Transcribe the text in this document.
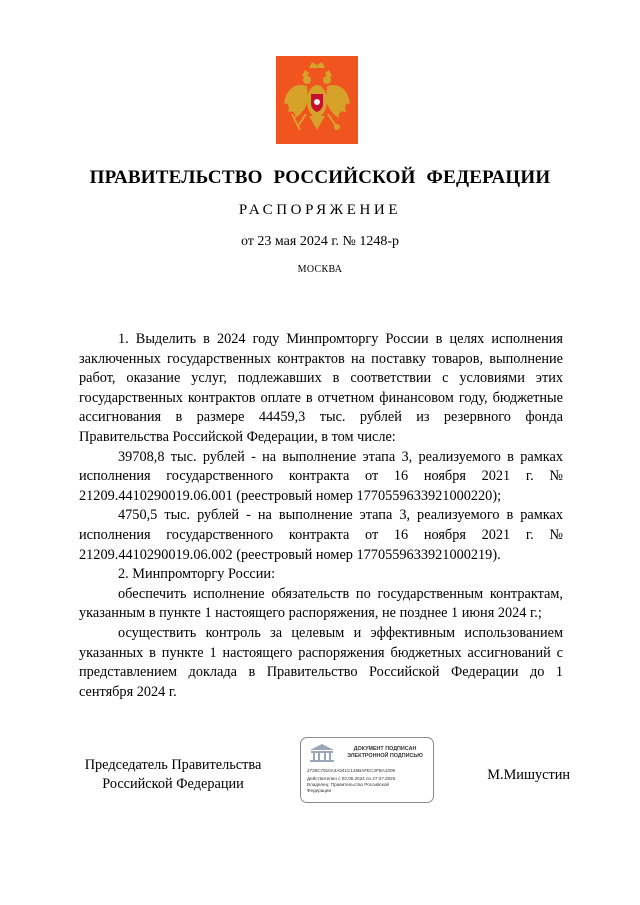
ПРАВИТЕЛЬСТВО РОССИЙСКОЙ ФЕДЕРАЦИИ
РАСПОРЯЖЕНИЕ
от 23 мая 2024 г. № 1248-р
МОСКВА

1. Выделить в 2024 году Минпромторгу России в целях исполнения заключенных государственных контрактов на поставку товаров, выполнение работ, оказание услуг, подлежавших в соответствии с условиями этих государственных контрактов оплате в отчетном финансовом году, бюджетные ассигнования в размере 44459,3 тыс. рублей из резервного фонда Правительства Российской Федерации, в том числе:

39708,8 тыс. рублей - на выполнение этапа 3, реализуемого в рамках исполнения государственного контракта от 16 ноября 2021 г. № 21209.4410290019.06.001 (реестровый номер 1770559633921000220);

4750,5 тыс. рублей - на выполнение этапа 3, реализуемого в рамках исполнения государственного контракта от 16 ноября 2021 г. № 21209.4410290019.06.002 (реестровый номер 1770559633921000219).

2. Минпромторгу России:

обеспечить исполнение обязательств по государственным контрактам, указанным в пункте 1 настоящего распоряжения, не позднее 1 июня 2024 г.;

осуществить контроль за целевым и эффективным использованием указанных в пункте 1 настоящего распоряжения бюджетных ассигнований с представлением доклада в Правительство Российской Федерации до 1 сентября 2024 г.

Председатель Правительства
Российской Федерации
ДОКУМЕНТ ПОДПИСАН
ЭЛЕКТРОННОЙ ПОДПИСЬЮ
2726C7910A4A041C145BAFEC3FBA1009
Действителен с 03.05.2024 по 27.07.2025
Владелец: Правительство Российской
Федерации
М.Мишустин
